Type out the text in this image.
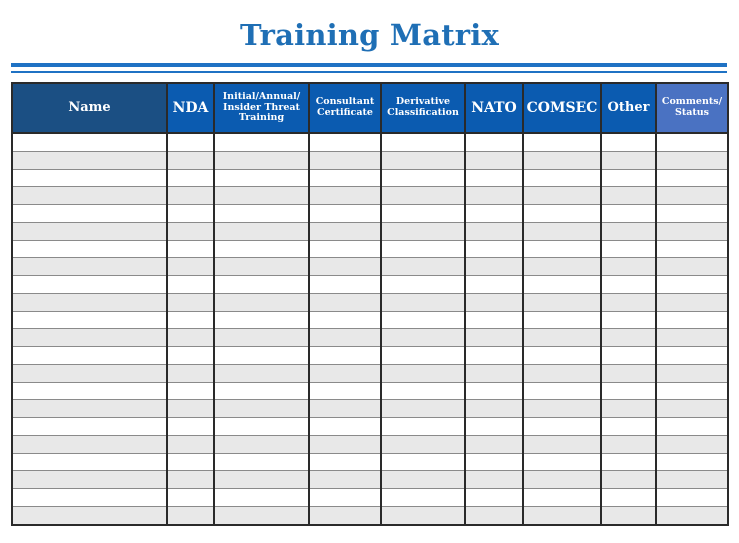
Training Matrix
Name	NDA	Initial/Annual/ Insider Threat Training	Consultant Certificate	Derivative Classification	NATO	COMSEC	Other	Comments/ Status
